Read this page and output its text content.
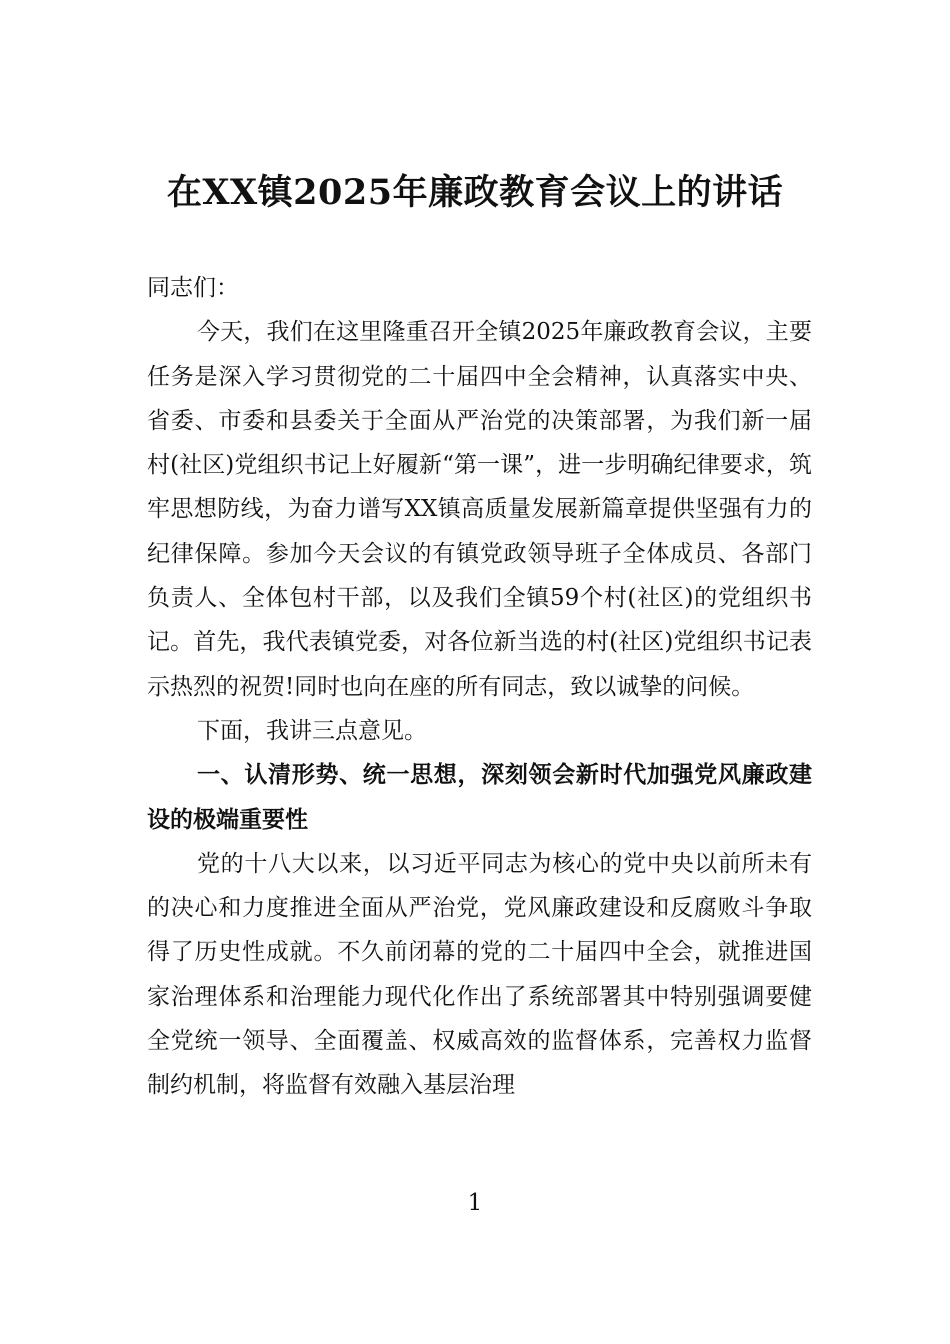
在XX镇2025年廉政教育会议上的讲话

同志们：

今天，我们在这里隆重召开全镇2025年廉政教育会议，主要任务是深入学习贯彻党的二十届四中全会精神，认真落实中央、省委、市委和县委关于全面从严治党的决策部署，为我们新一届村(社区)党组织书记上好履新“第一课”，进一步明确纪律要求，筑牢思想防线，为奋力谱写XX镇高质量发展新篇章提供坚强有力的纪律保障。参加今天会议的有镇党政领导班子全体成员、各部门负责人、全体包村干部，以及我们全镇59个村(社区)的党组织书记。首先，我代表镇党委，对各位新当选的村(社区)党组织书记表示热烈的祝贺!同时也向在座的所有同志，致以诚挚的问候。

下面，我讲三点意见。

一、认清形势、统一思想，深刻领会新时代加强党风廉政建设的极端重要性

党的十八大以来，以习近平同志为核心的党中央以前所未有的决心和力度推进全面从严治党，党风廉政建设和反腐败斗争取得了历史性成就。不久前闭幕的党的二十届四中全会，就推进国家治理体系和治理能力现代化作出了系统部署其中特别强调要健全党统一领导、全面覆盖、权威高效的监督体系，完善权力监督制约机制，将监督有效融入基层治理

1
